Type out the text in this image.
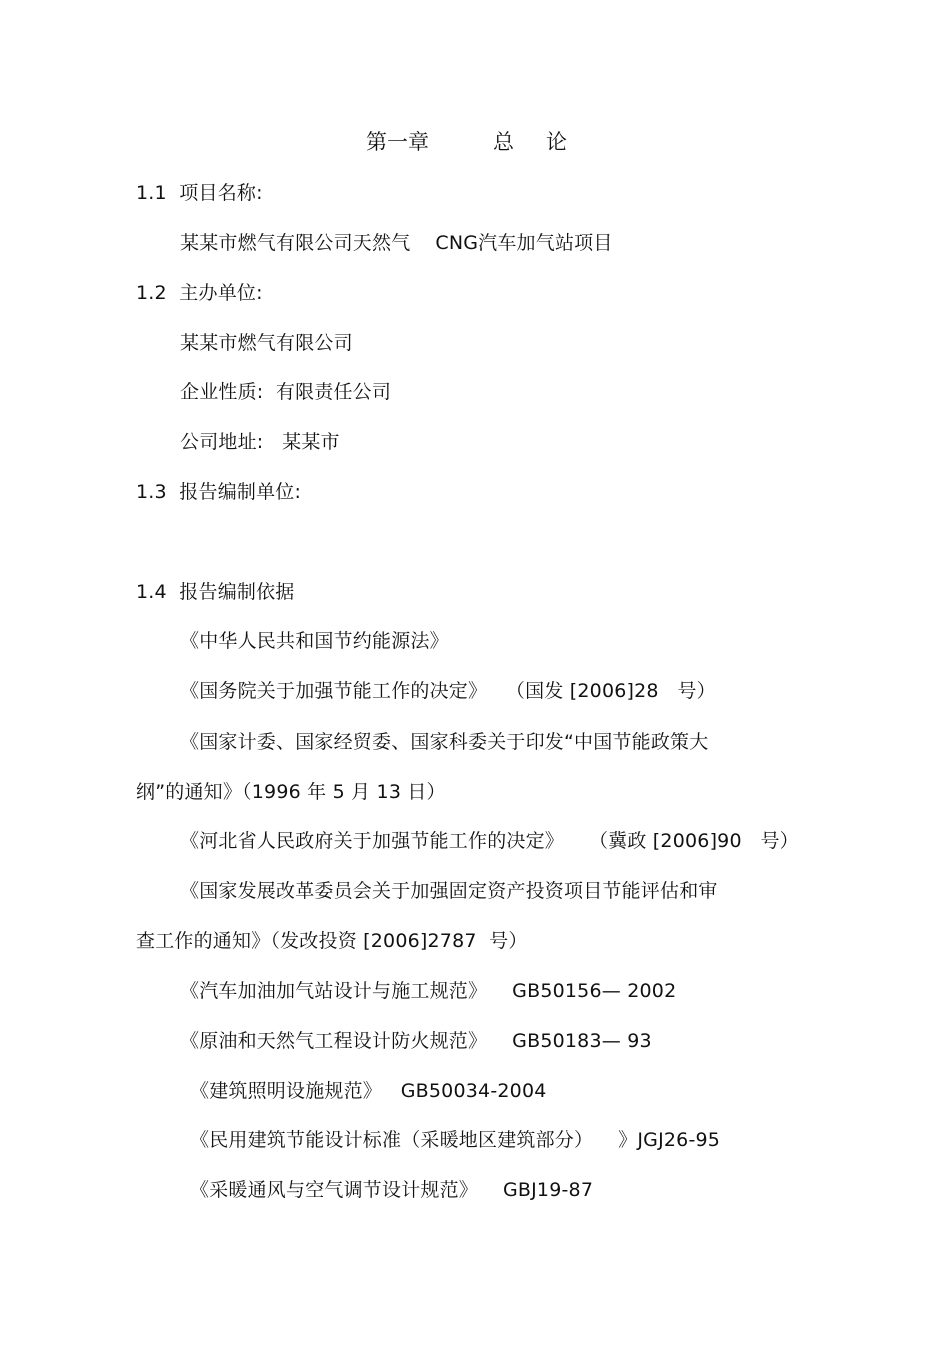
第一章	总 论
1.1  项目名称:
某某市燃气有限公司天然气    CNG汽车加气站项目
1.2  主办单位:
某某市燃气有限公司
企业性质:  有限责任公司
公司地址:   某某市
1.3  报告编制单位:
1.4  报告编制依据
《中华人民共和国节约能源法》
《国务院关于加强节能工作的决定》   （国发 [2006]28   号）
《国家计委、国家经贸委、国家科委关于印发“中国节能政策大
纲”的通知》（1996 年 5 月 13 日）
《河北省人民政府关于加强节能工作的决定》    （冀政 [2006]90   号）
《国家发展改革委员会关于加强固定资产投资项目节能评估和审
查工作的通知》（发改投资 [2006]2787  号）
《汽车加油加气站设计与施工规范》    GB50156— 2002
《原油和天然气工程设计防火规范》    GB50183— 93
《建筑照明设施规范》   GB50034-2004
《民用建筑节能设计标准（采暖地区建筑部分）    》JGJ26-95
《采暖通风与空气调节设计规范》    GBJ19-87
